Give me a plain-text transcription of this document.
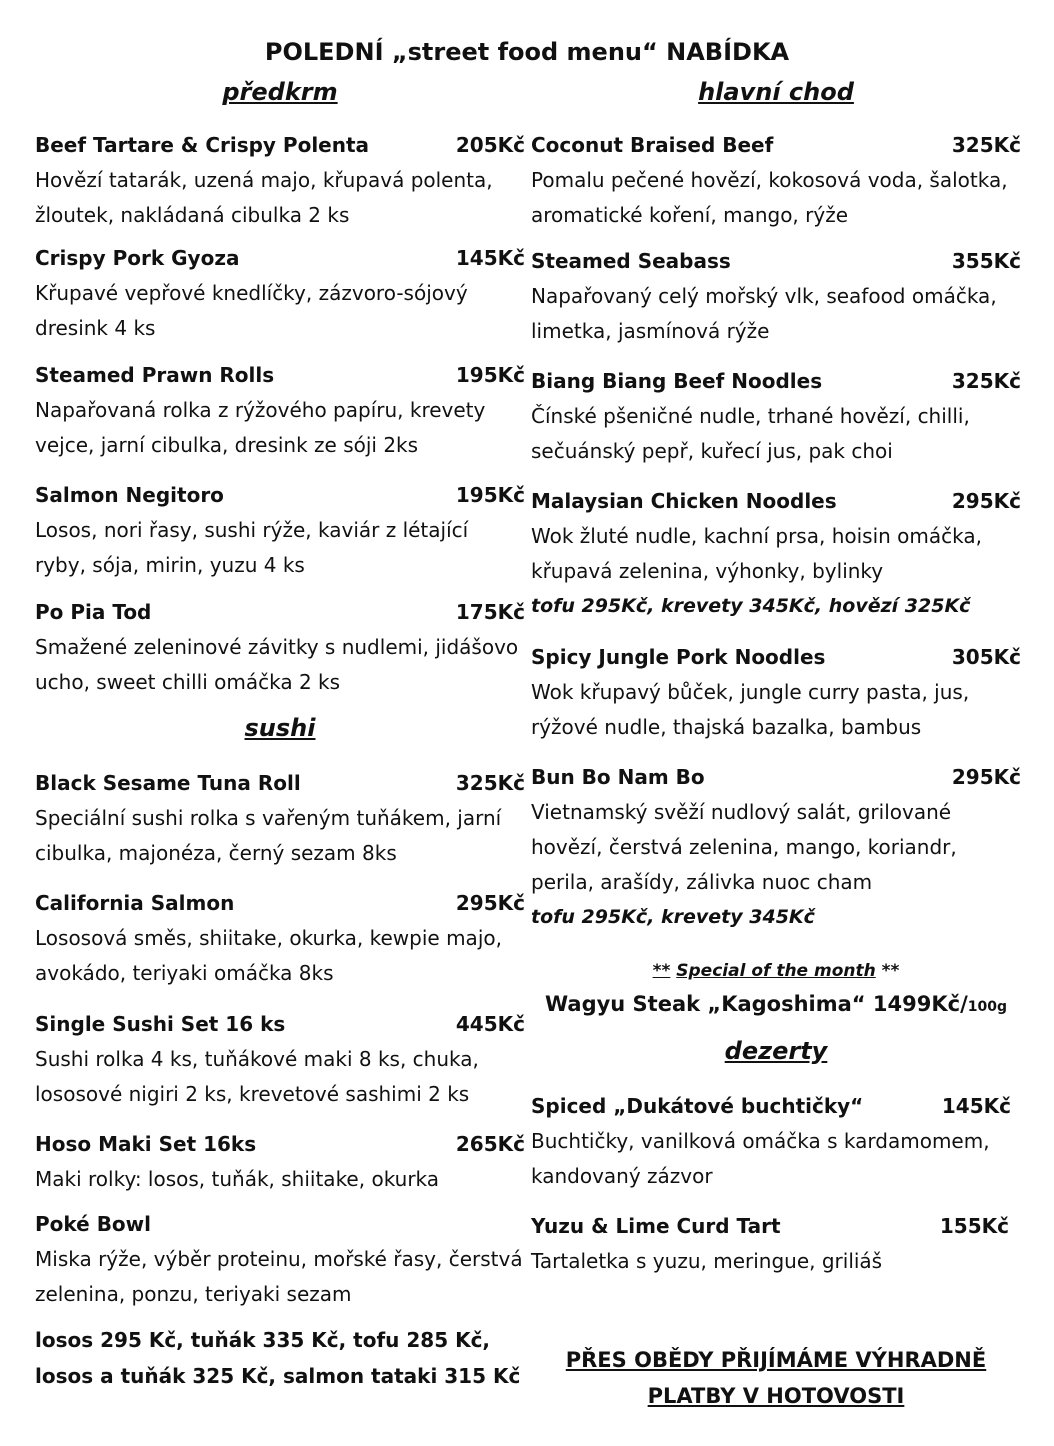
POLEDNÍ „street food menu“ NABÍDKA
předkrm
Beef Tartare & Crispy Polenta	205Kč
Hovězí tatarák, uzená majo, křupavá polenta, žloutek, nakládaná cibulka 2 ks
Crispy Pork Gyoza	145Kč
Křupavé vepřové knedlíčky, zázvoro-sójový dresink 4 ks
Steamed Prawn Rolls	195Kč
Napařovaná rolka z rýžového papíru, krevety vejce, jarní cibulka, dresink ze sóji 2ks
Salmon Negitoro	195Kč
Losos, nori řasy, sushi rýže, kaviár z létající ryby, sója, mirin, yuzu 4 ks
Po Pia Tod	175Kč
Smažené zeleninové závitky s nudlemi, jidášovo ucho, sweet chilli omáčka 2 ks
sushi
Black Sesame Tuna Roll	325Kč
Speciální sushi rolka s vařeným tuňákem, jarní cibulka, majonéza, černý sezam 8ks
California Salmon	295Kč
Lososová směs, shiitake, okurka, kewpie majo, avokádo, teriyaki omáčka 8ks
Single Sushi Set 16 ks	445Kč
Sushi rolka 4 ks, tuňákové maki 8 ks, chuka, lososové nigiri 2 ks, krevetové sashimi 2 ks
Hoso Maki Set 16ks	265Kč
Maki rolky: losos, tuňák, shiitake, okurka
Poké Bowl
Miska rýže, výběr proteinu, mořské řasy, čerstvá zelenina, ponzu, teriyaki sezam
losos 295 Kč, tuňák 335 Kč, tofu 285 Kč,
losos a tuňák 325 Kč, salmon tataki 315 Kč
hlavní chod
Coconut Braised Beef	325Kč
Pomalu pečené hovězí, kokosová voda, šalotka, aromatické koření, mango, rýže
Steamed Seabass	355Kč
Napařovaný celý mořský vlk, seafood omáčka, limetka, jasmínová rýže
Biang Biang Beef Noodles	325Kč
Čínské pšeničné nudle, trhané hovězí, chilli, sečuánský pepř, kuřecí jus, pak choi
Malaysian Chicken Noodles	295Kč
Wok žluté nudle, kachní prsa, hoisin omáčka, křupavá zelenina, výhonky, bylinky
tofu 295Kč, krevety 345Kč, hovězí 325Kč
Spicy Jungle Pork Noodles	305Kč
Wok křupavý bůček, jungle curry pasta, jus, rýžové nudle, thajská bazalka, bambus
Bun Bo Nam Bo	295Kč
Vietnamský svěží nudlový salát, grilované hovězí, čerstvá zelenina, mango, koriandr, perila, arašídy, zálivka nuoc cham
tofu 295Kč, krevety 345Kč
** Special of the month **
Wagyu Steak „Kagoshima“ 1499Kč/100g
dezerty
Spiced „Dukátové buchtičky“	145Kč
Buchtičky, vanilková omáčka s kardamomem, kandovaný zázvor
Yuzu & Lime Curd Tart	155Kč
Tartaletka s yuzu, meringue, griliáš
PŘES OBĚDY PŘIJÍMÁME VÝHRADNĚ
PLATBY V HOTOVOSTI
